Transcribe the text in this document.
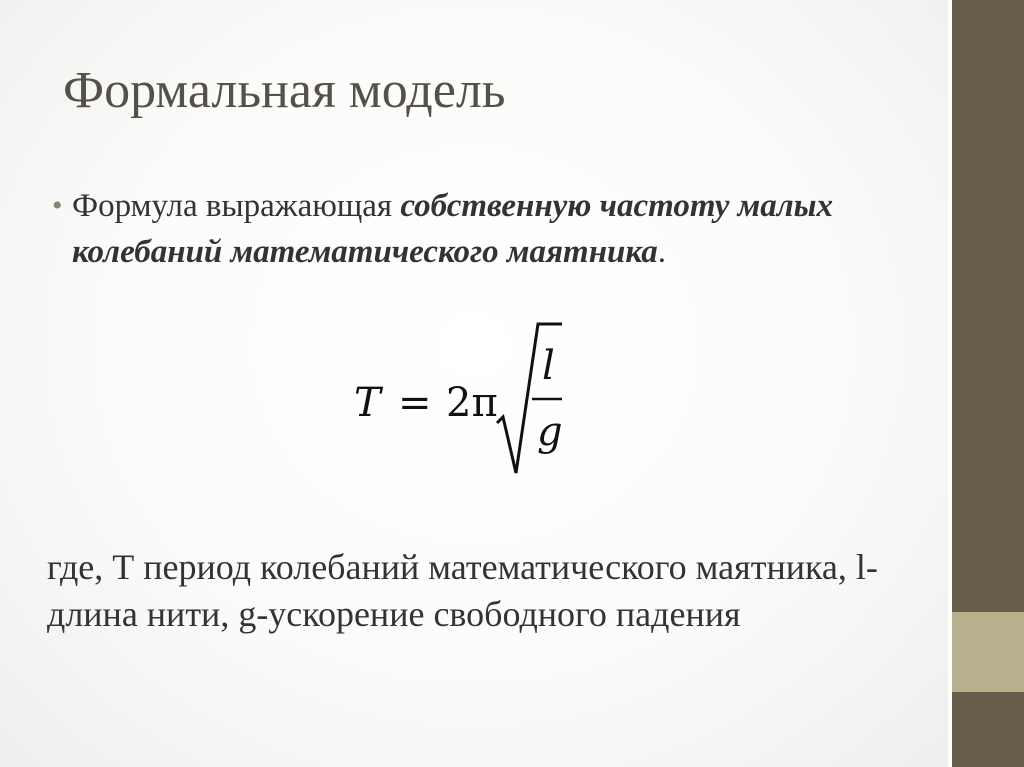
Формальная модель
• Формула выражающая собственную частоту малых колебаний математического маятника.
T = 2π
l
g
где, Т период колебаний математического маятника, l-длина нити, g-ускорение свободного падения
